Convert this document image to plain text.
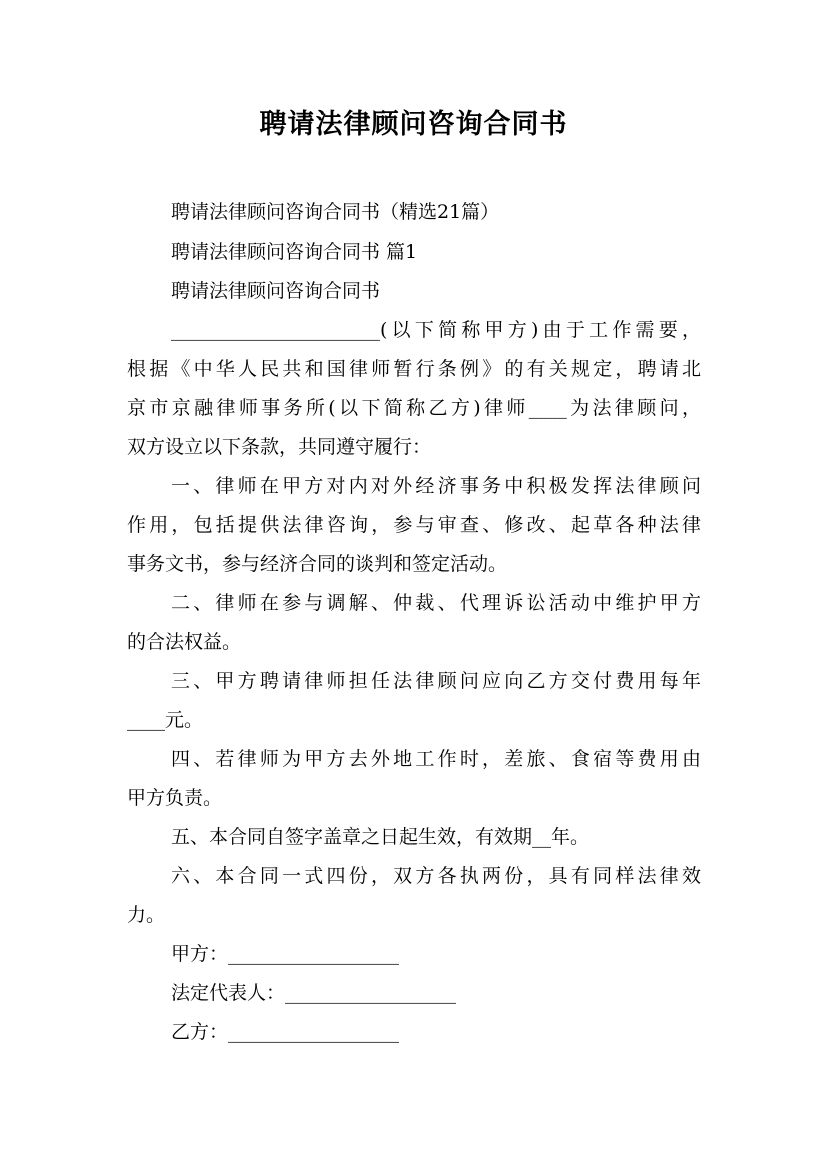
聘请法律顾问咨询合同书
聘请法律顾问咨询合同书（精选21篇）
聘请法律顾问咨询合同书 篇1
聘请法律顾问咨询合同书
______________________(以下简称甲方)由于工作需要，
根据《中华人民共和国律师暂行条例》的有关规定，聘请北
京市京融律师事务所(以下简称乙方)律师____为法律顾问，
双方设立以下条款，共同遵守履行：
一、律师在甲方对内对外经济事务中积极发挥法律顾问
作用，包括提供法律咨询，参与审查、修改、起草各种法律
事务文书，参与经济合同的谈判和签定活动。
二、律师在参与调解、仲裁、代理诉讼活动中维护甲方
的合法权益。
三、甲方聘请律师担任法律顾问应向乙方交付费用每年
____元。
四、若律师为甲方去外地工作时，差旅、食宿等费用由
甲方负责。
五、本合同自签字盖章之日起生效，有效期__年。
六、本合同一式四份，双方各执两份，具有同样法律效
力。
甲方：__________________
法定代表人：__________________
乙方：__________________
